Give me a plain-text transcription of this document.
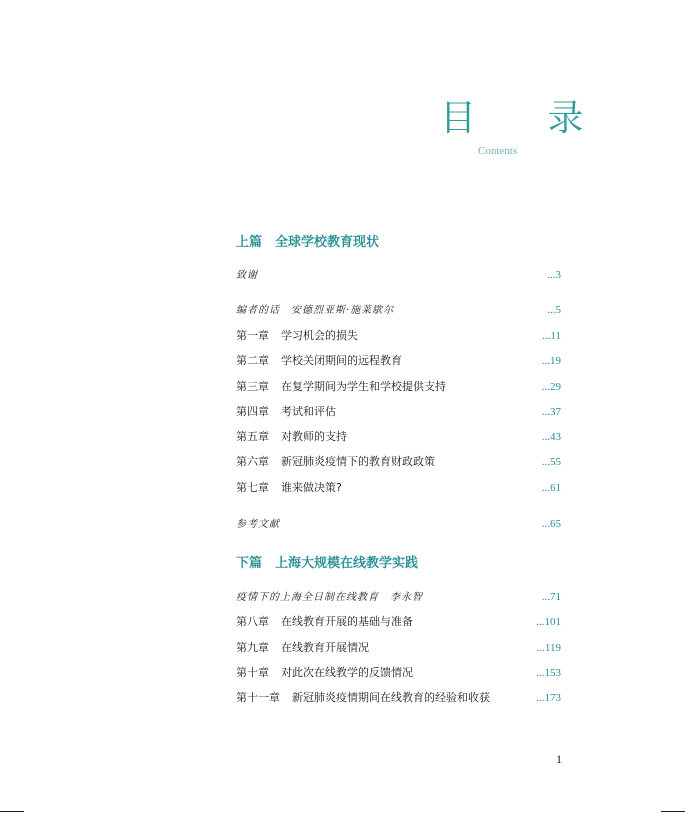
目 录
Contents
上篇 全球学校教育现状
致谢	...3
编者的话　安德烈亚斯·施莱歇尔	...5
第一章 学习机会的损失	...11
第二章 学校关闭期间的远程教育	...19
第三章 在复学期间为学生和学校提供支持	...29
第四章 考试和评估	...37
第五章 对教师的支持	...43
第六章 新冠肺炎疫情下的教育财政政策	...55
第七章 谁来做决策?	...61
参考文献	...65
下篇 上海大规模在线教学实践
疫情下的上海全日制在线教育　李永智	...71
第八章 在线教育开展的基础与准备	...101
第九章 在线教育开展情况	...119
第十章 对此次在线教学的反馈情况	...153
第十一章 新冠肺炎疫情期间在线教育的经验和收获	...173
1
